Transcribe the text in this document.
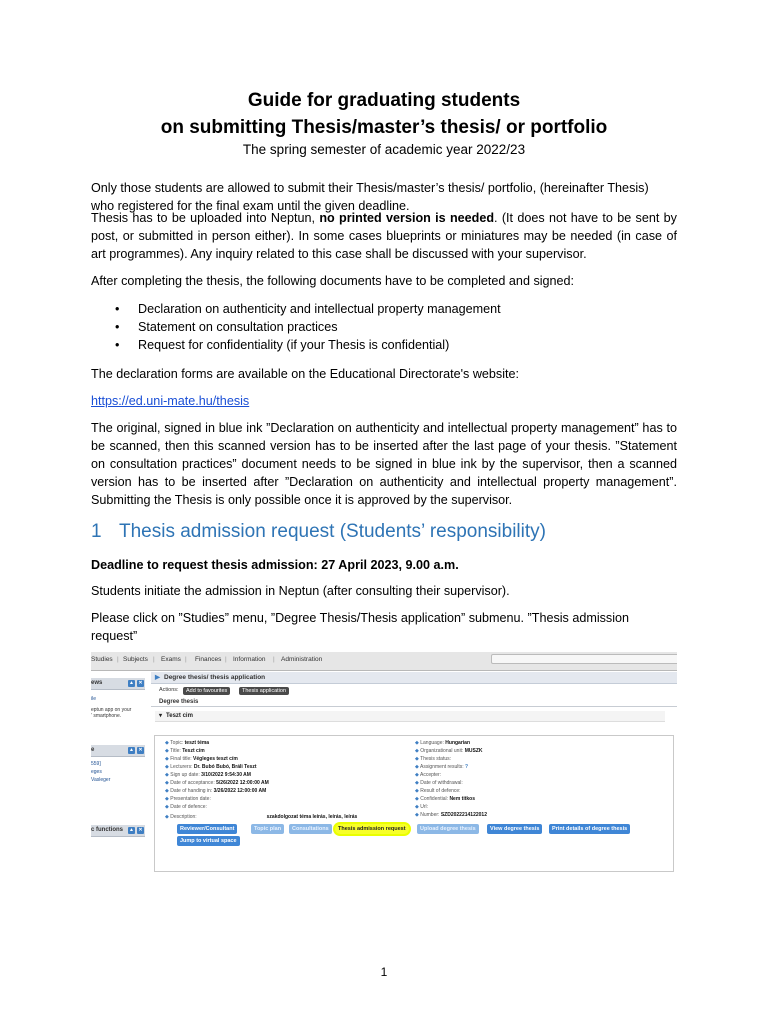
Guide for graduating students
on submitting Thesis/master’s thesis/ or portfolio
The spring semester of academic year 2022/23
Only those students are allowed to submit their Thesis/master’s thesis/ portfolio, (hereinafter Thesis)
who registered for the final exam until the given deadline.
Thesis has to be uploaded into Neptun, no printed version is needed. (It does not have to be sent by post, or submitted in person either). In some cases blueprints or miniatures may be needed (in case of art programmes). Any inquiry related to this case shall be discussed with your supervisor.
After completing the thesis, the following documents have to be completed and signed:
• Declaration on authenticity and intellectual property management
• Statement on consultation practices
• Request for confidentiality (if your Thesis is confidential)
The declaration forms are available on the Educational Directorate's website:
https://ed.uni-mate.hu/thesis
The original, signed in blue ink ”Declaration on authenticity and intellectual property management” has to be scanned, then this scanned version has to be inserted after the last page of your thesis. ”Statement on consultation practices” document needs to be signed in blue ink by the supervisor, then a scanned version has to be inserted after ”Declaration on authenticity and intellectual property management”. Submitting the Thesis is only possible once it is approved by the supervisor.
1 Thesis admission request (Students’ responsibility)
Deadline to request thesis admission: 27 April 2023, 9.00 a.m.
Students initiate the admission in Neptun (after consulting their supervisor).
Please click on ”Studies” menu, ”Degree Thesis/Thesis application” submenu. ”Thesis admission
request”
Studies | Subjects | Exams | Finances | Information | Administration
ews	▲ ✕
ile
eptun app on your
’ smartphone.
e	▲ ✕
559]
eges
Vasleger
c functions ▲ ✕
▶ Degree thesis/ thesis application
Actions:	Add to favourites	Thesis application
Degree thesis
▾ Teszt cim
◆ Topic: teszt téma
◆ Title: Teszt cím
◆ Final title: Végleges teszt cím
◆ Lecturers: Dr. Bubó Bubó, Bráli Teszt
◆ Sign up date: 3/10/2022 9:54:30 AM
◆ Date of acceptance: 5/26/2022 12:00:00 AM
◆ Date of handing in: 3/26/2022 12:00:00 AM
◆ Presentation date:
◆ Date of defence:
◆ Description:	szakdolgozat téma leírás, leírás, leírás
◆ Language: Hungarian
◆ Organizational unit: MUSZK
◆ Thesis status:
◆ Assignment results: ?
◆ Accepter:
◆ Date of withdrawal:
◆ Result of defence:
◆ Confidential: Nem titkos
◆ Url:
◆ Number: SZD2022214122012
Reviewer/Consultant	Topic plan	Consultations	Thesis admission request	Upload degree thesis	View degree thesis	Print details of degree thesis
Jump to virtual space
1
